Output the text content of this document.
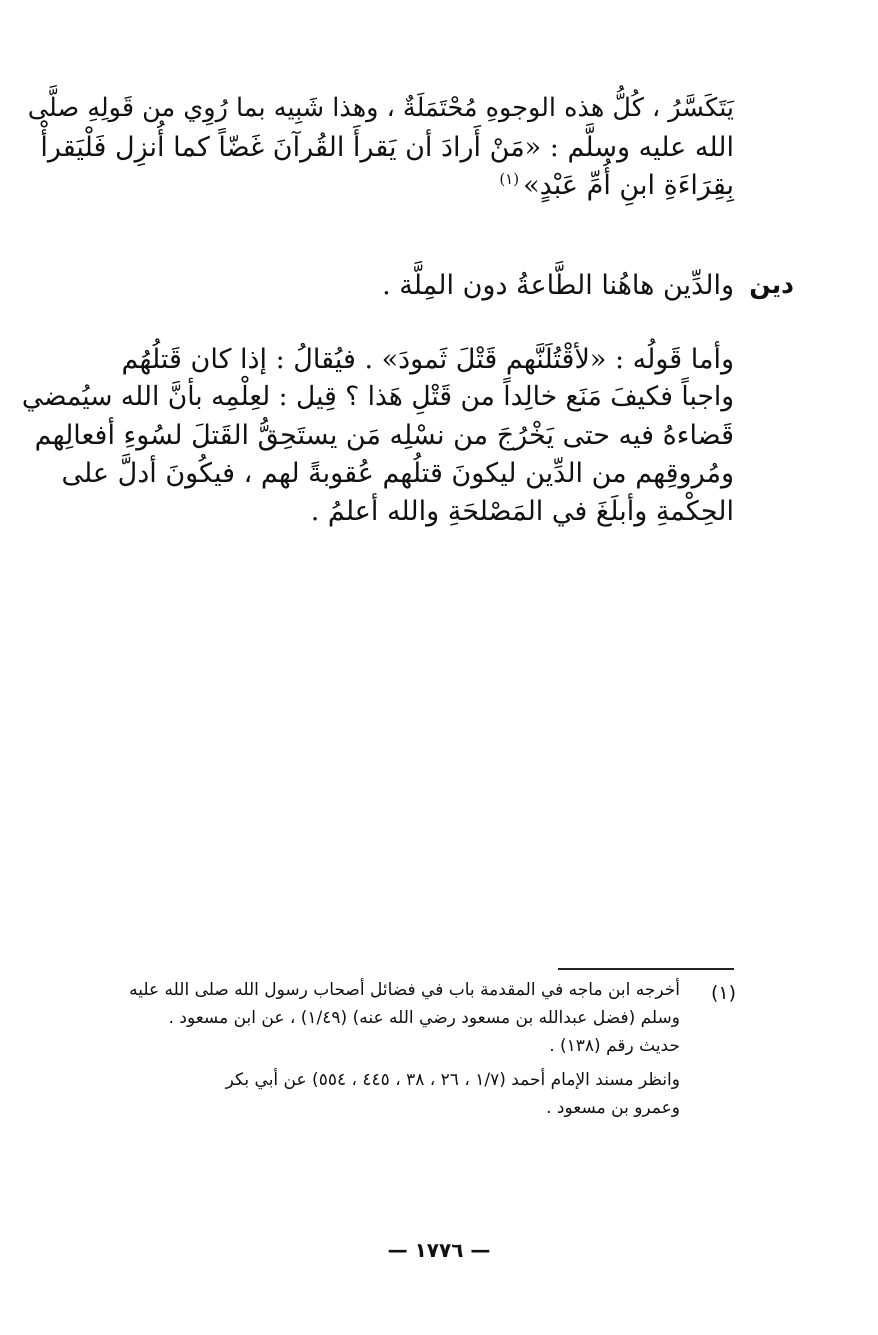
يَتَكَسَّرُ ، كُلُّ هذه الوجوهِ مُحْتَمَلَةٌ ، وهذا شَبِيه بما رُوِي من قَولِهِ صلَّى
الله عليه وسلَّم : «مَنْ أَرادَ أن يَقرأَ القُرآنَ غَضّاً كما أُنزِل فَلْيَقرأْ
بِقِرَاءَةِ ابنِ أُمِّ عَبْدٍ»$^{(١)}$
دين
والدِّين هاهُنا الطَّاعةُ دون المِلَّة .
وأما قَولُه : «لأقْتُلَنَّهم قَتْلَ ثَمودَ» . فيُقالُ : إذا كان قَتلُهُم
واجباً فكيفَ مَنَع خالِداً من قَتْلِ هَذا ؟ قِيل : لعِلْمِه بأنَّ الله سيُمضي
قَضاءهُ فيه حتى يَخْرُجَ من نسْلِه مَن يستَحِقُّ القَتلَ لسُوءِ أفعالِهم
ومُروقِهم من الدِّين ليكونَ قتلُهم عُقوبةً لهم ، فيكُونَ أدلَّ على
الحِكْمةِ وأبلَغَ في المَصْلحَةِ والله أعلمُ .
(١)
أخرجه ابن ماجه في المقدمة باب في فضائل أصحاب رسول الله صلى الله عليه
وسلم (فضل عبدالله بن مسعود رضي الله عنه) (١/٤٩) ، عن ابن مسعود .
حديث رقم (١٣٨) .
وانظر مسند الإمام أحمد (١/٧ ، ٢٦ ، ٣٨ ، ٤٤٥ ، ٥٥٤) عن أبي بكر
وعمرو بن مسعود .
— ١٧٧٦ —
